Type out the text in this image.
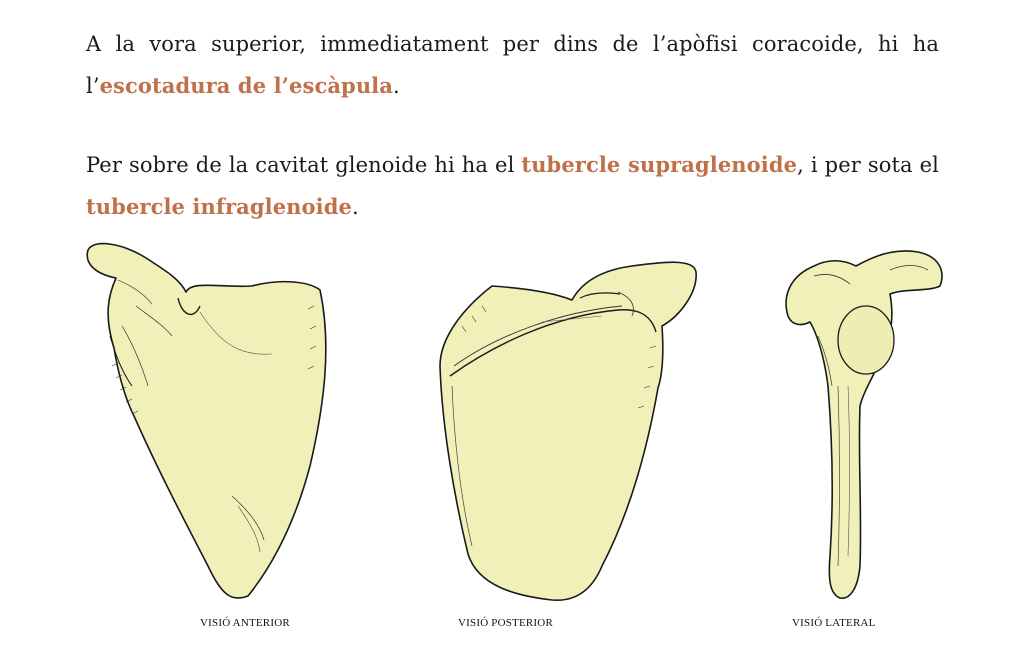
A la vora superior, immediatament per dins de l’apòfisi coracoide, hi ha l’escotadura de l’escàpula.

Per sobre de la cavitat glenoide hi ha el tubercle supraglenoide, i per sota el tubercle infraglenoide.

VISIÓ ANTERIOR	VISIÓ POSTERIOR	VISIÓ LATERAL
